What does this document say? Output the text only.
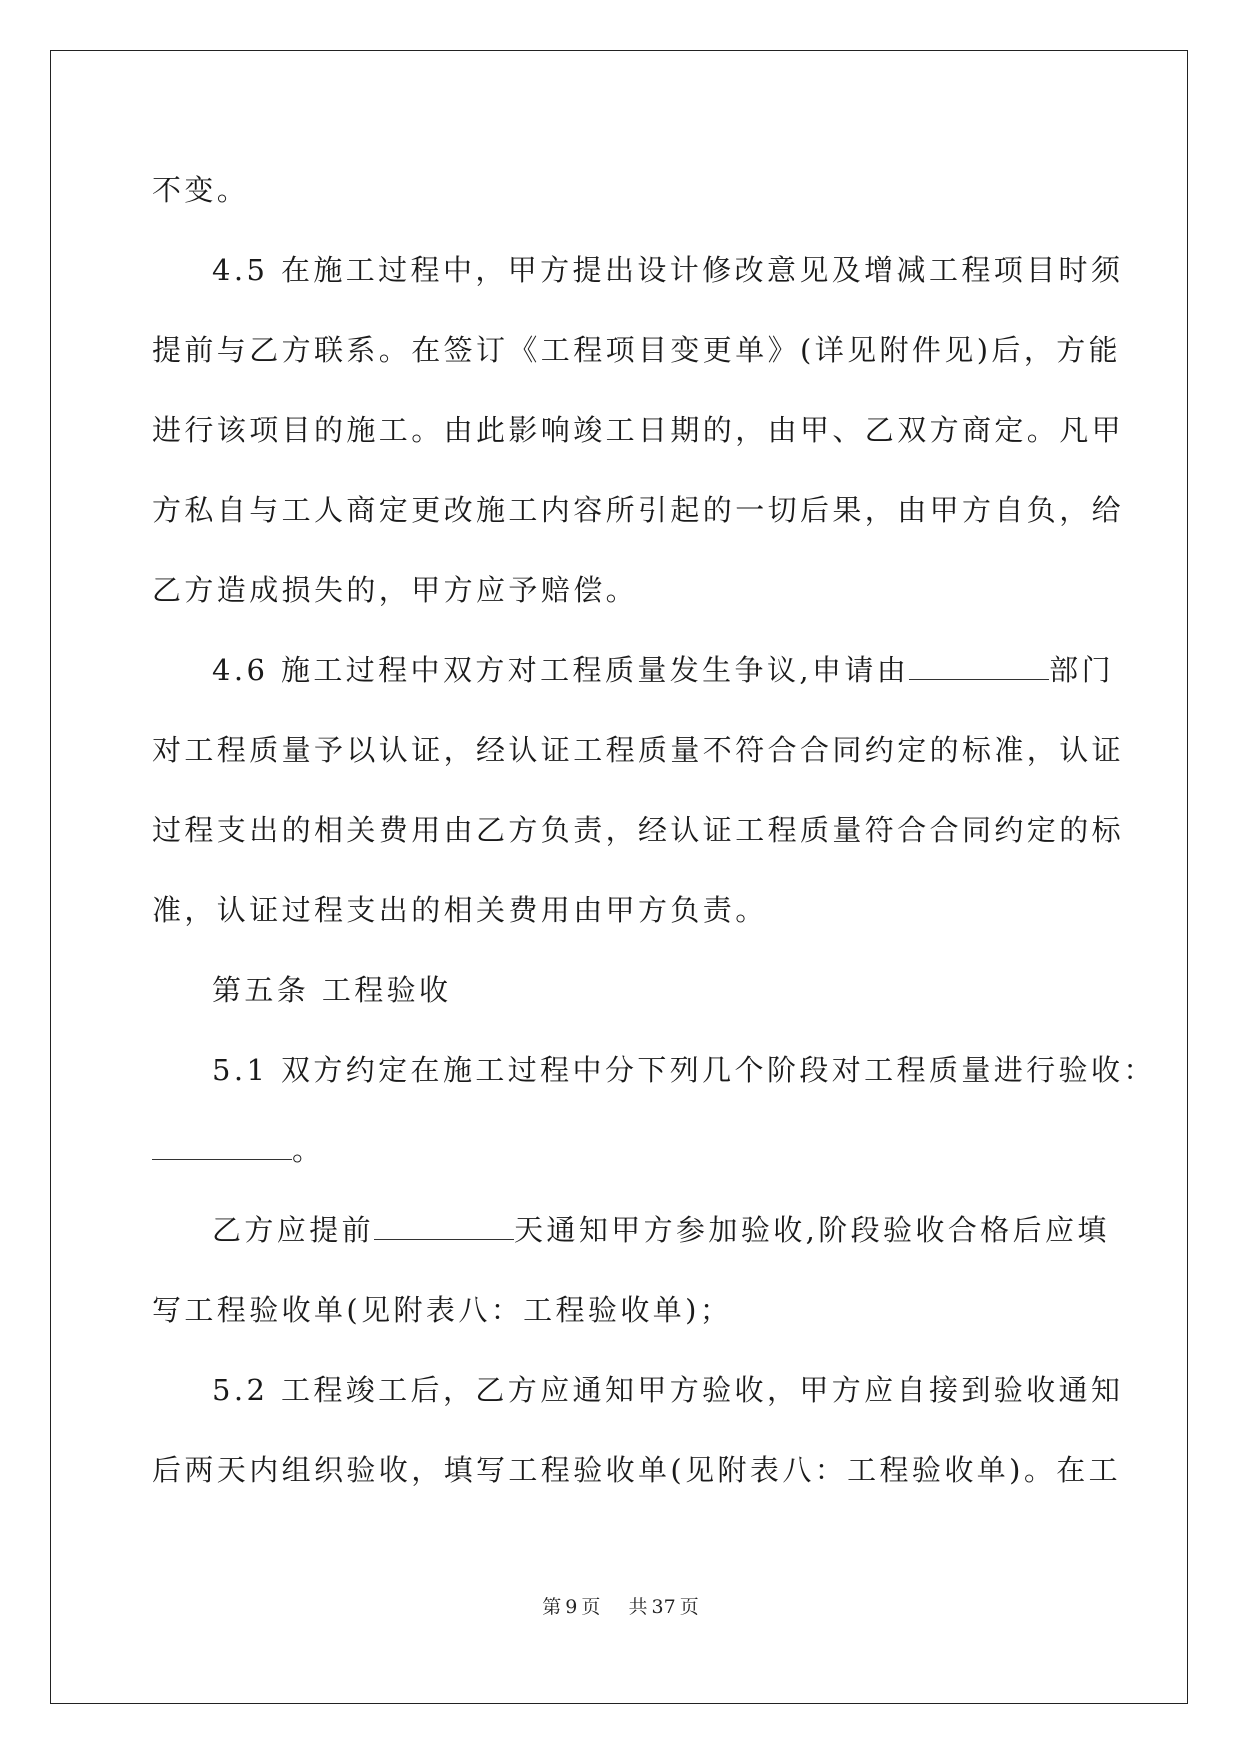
不变。
4.5 在施工过程中，甲方提出设计修改意见及增减工程项目时须
提前与乙方联系。在签订《工程项目变更单》(详见附件见)后，方能
进行该项目的施工。由此影响竣工日期的，由甲、乙双方商定。凡甲
方私自与工人商定更改施工内容所引起的一切后果，由甲方自负，给
乙方造成损失的，甲方应予赔偿。
4.6 施工过程中双方对工程质量发生争议,申请由	部门
对工程质量予以认证，经认证工程质量不符合合同约定的标准，认证
过程支出的相关费用由乙方负责，经认证工程质量符合合同约定的标
准，认证过程支出的相关费用由甲方负责。
第五条 工程验收
5.1 双方约定在施工过程中分下列几个阶段对工程质量进行验收：
。
乙方应提前	天通知甲方参加验收,阶段验收合格后应填
写工程验收单(见附表八：工程验收单)；
5.2 工程竣工后，乙方应通知甲方验收，甲方应自接到验收通知
后两天内组织验收，填写工程验收单(见附表八：工程验收单)。在工
第 9 页 共 37 页
